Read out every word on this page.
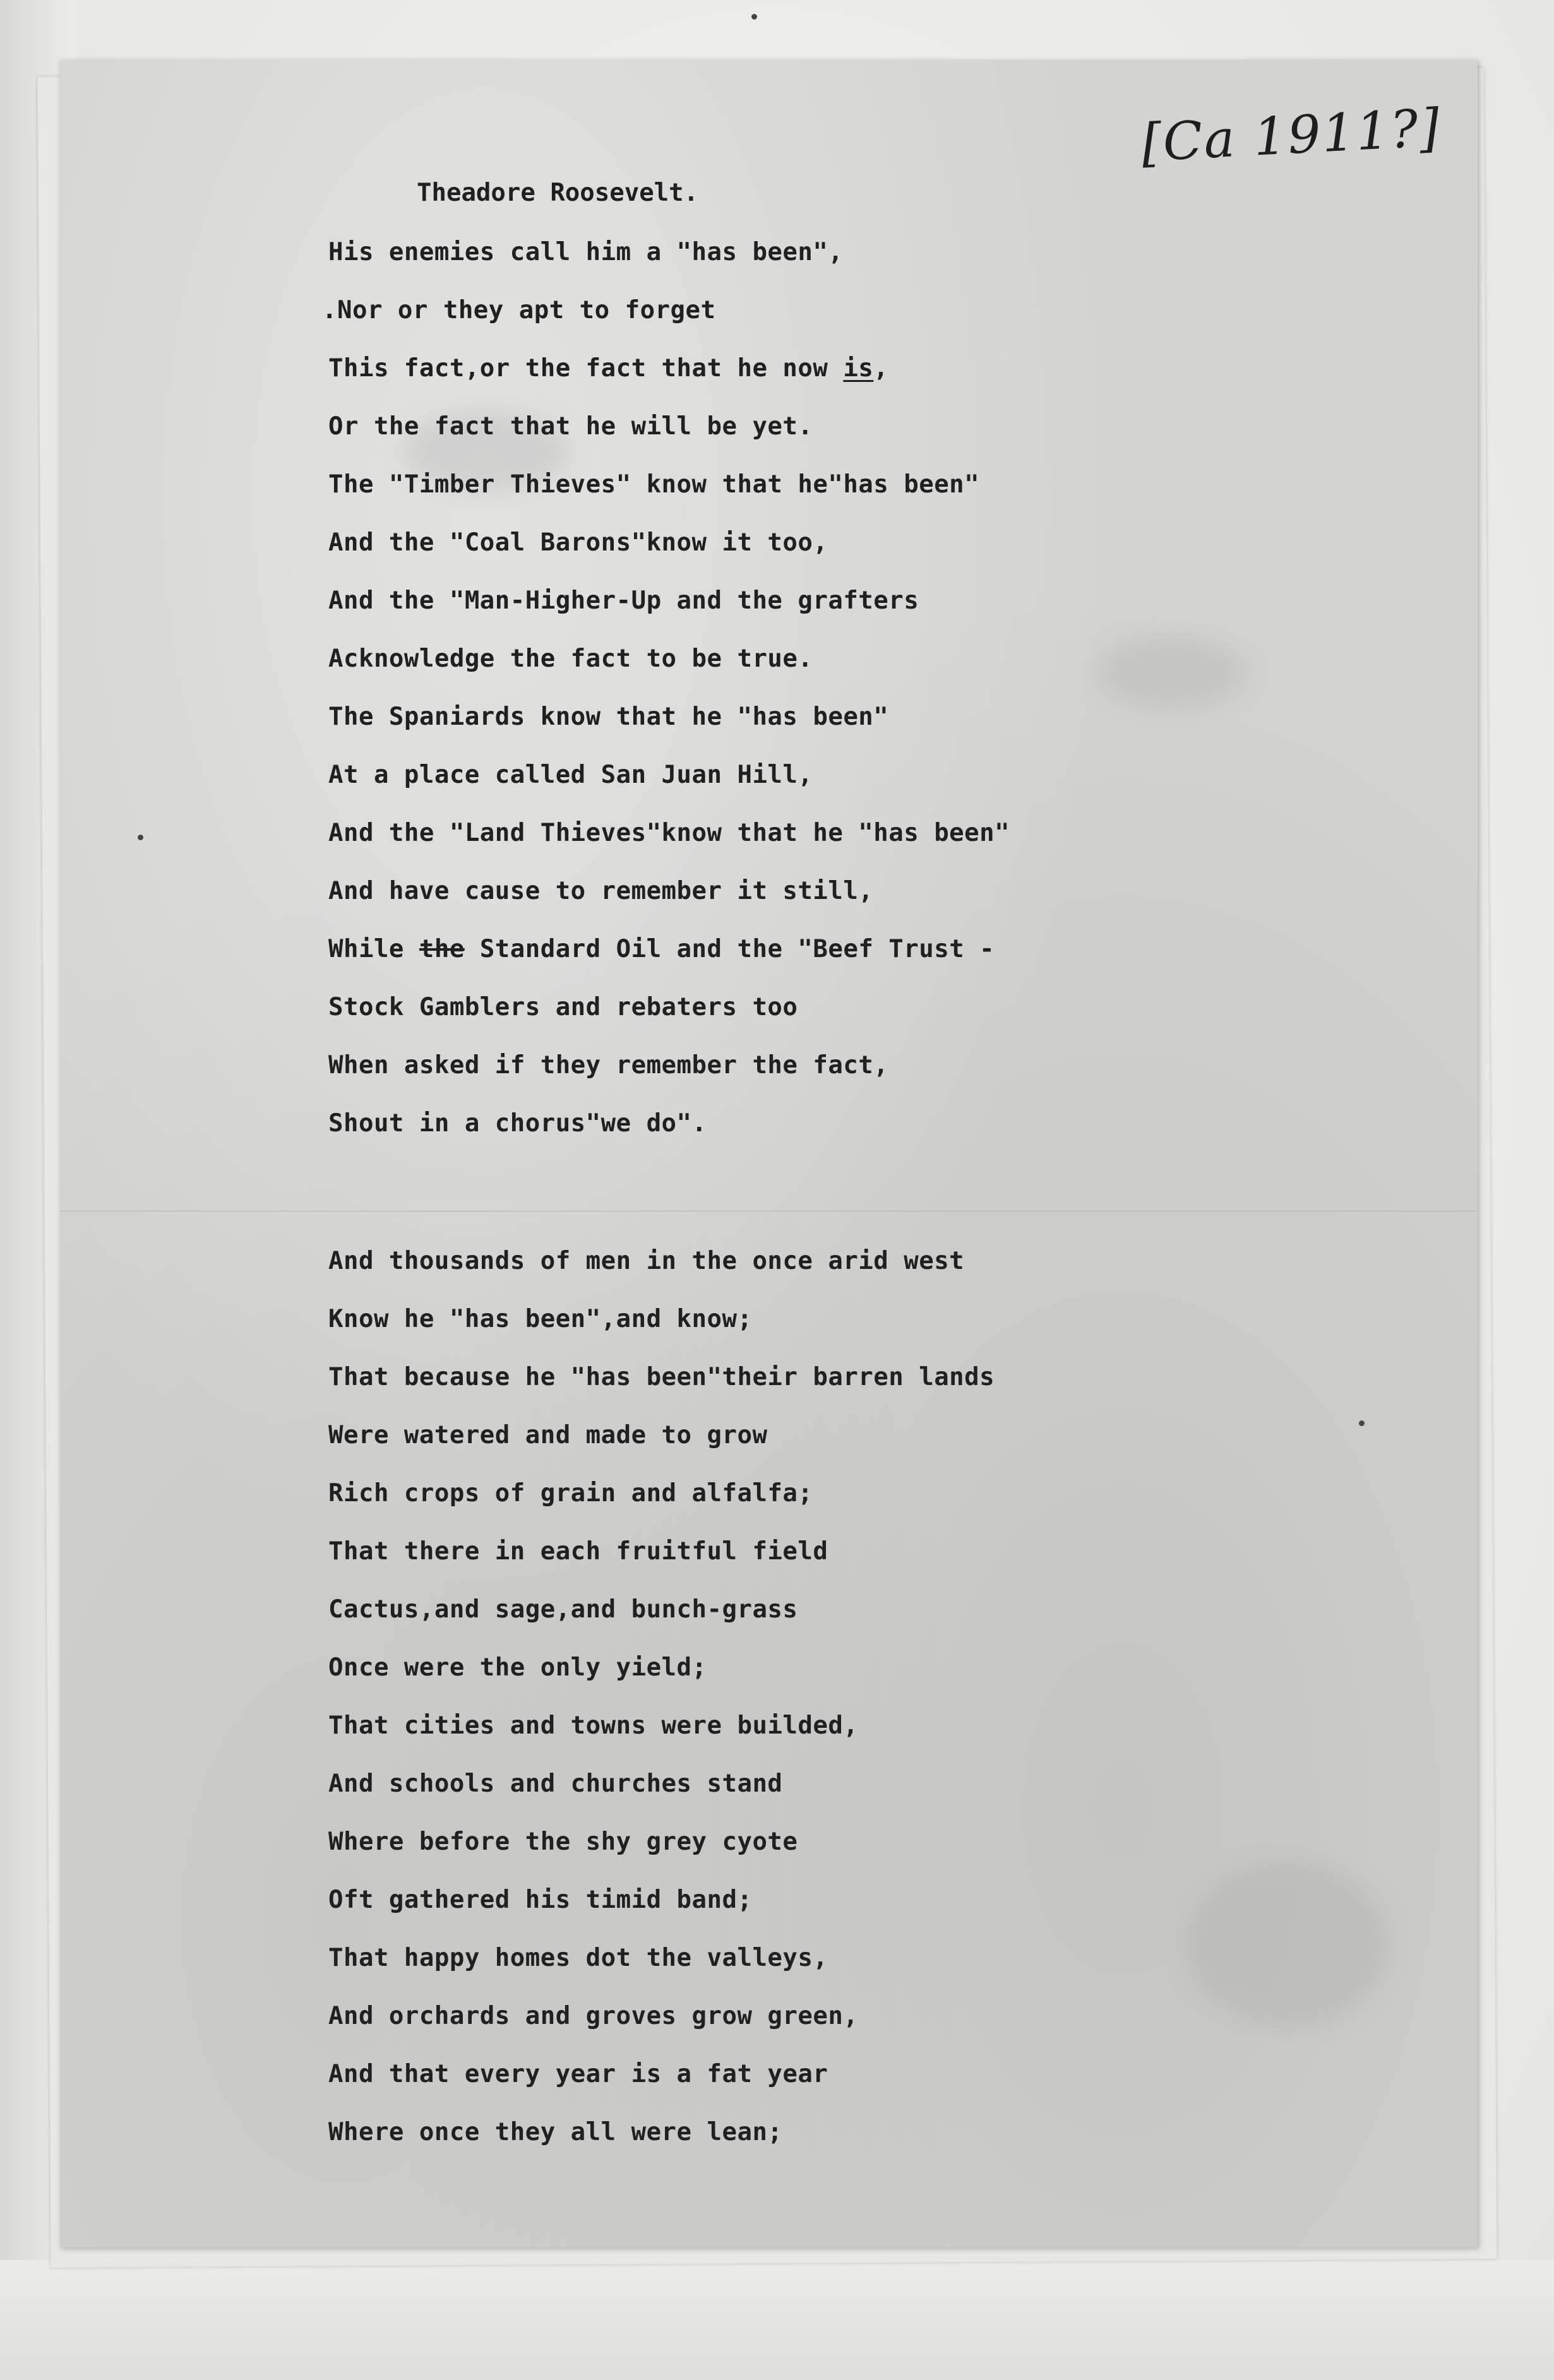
[Ca 1911?]
Theadore Roosevelt.
His enemies call him a "has been",
.Nor or they apt to forget
This fact,or the fact that he now is,
Or the fact that he will be yet.
The "Timber Thieves" know that he"has been"
And the "Coal Barons"know it too,
And the "Man-Higher-Up and the grafters
Acknowledge the fact to be true.
The Spaniards know that he "has been"
At a place called San Juan Hill,
And the "Land Thieves"know that he "has been"
And have cause to remember it still,
While the Standard Oil and the "Beef Trust -
Stock Gamblers and rebaters too
When asked if they remember the fact,
Shout in a chorus"we do".
And thousands of men in the once arid west
Know he "has been",and know;
That because he "has been"their barren lands
Were watered and made to grow
Rich crops of grain and alfalfa;
That there in each fruitful field
Cactus,and sage,and bunch-grass
Once were the only yield;
That cities and towns were builded,
And schools and churches stand
Where before the shy grey cyote
Oft gathered his timid band;
That happy homes dot the valleys,
And orchards and groves grow green,
And that every year is a fat year
Where once they all were lean;
